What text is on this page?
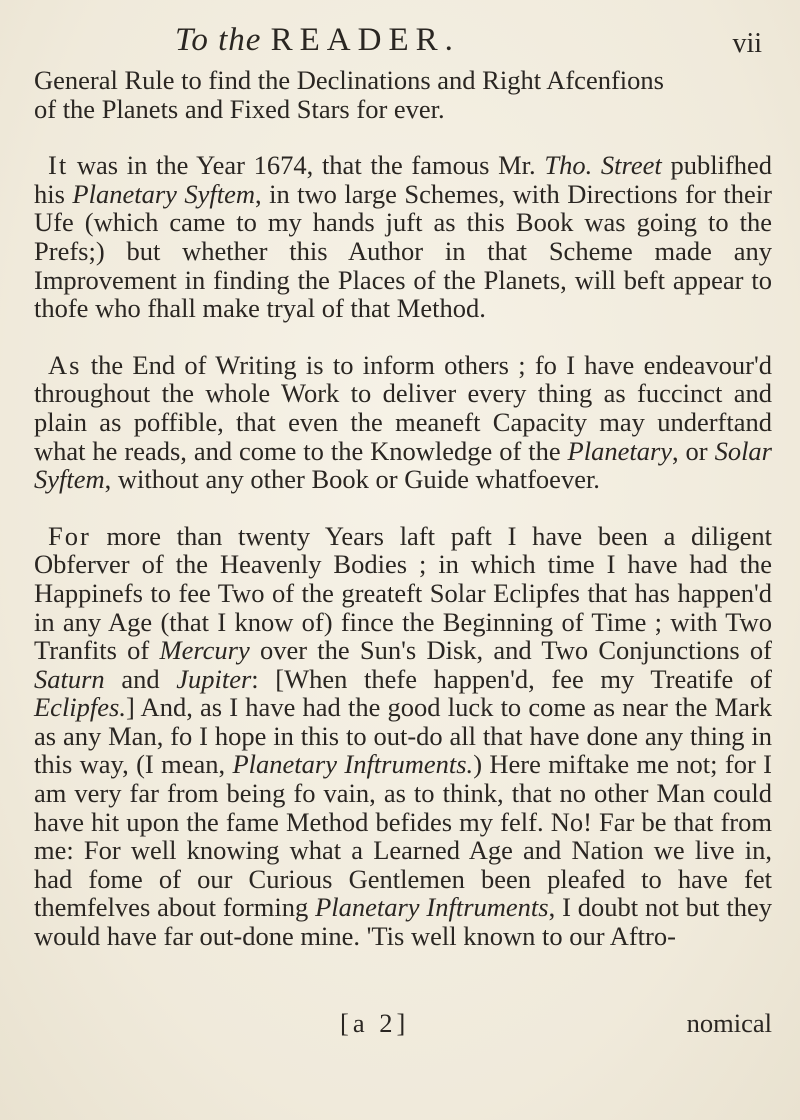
To the READER.	vii

General Rule to find the Declinations and Right Afcenfions
of the Planets and Fixed Stars for ever.

It was in the Year 1674, that the famous Mr. Tho. Street publifhed his Planetary Syftem, in two large Schemes, with Directions for their Ufe (which came to my hands juft as this Book was going to the Prefs;) but whether this Author in that Scheme made any Improvement in finding the Places of the Planets, will beft appear to thofe who fhall make tryal of that Method.

As the End of Writing is to inform others ; fo I have endeavour'd throughout the whole Work to deliver every thing as fuccinct and plain as poffible, that even the meaneft Capacity may underftand what he reads, and come to the Knowledge of the Planetary, or Solar Syftem, without any other Book or Guide whatfoever.

For more than twenty Years laft paft I have been a diligent Obferver of the Heavenly Bodies ; in which time I have had the Happinefs to fee Two of the greateft Solar Eclipfes that has happen'd in any Age (that I know of) fince the Beginning of Time ; with Two Tranfits of Mercury over the Sun's Disk, and Two Conjunctions of Saturn and Jupiter: [When thefe happen'd, fee my Treatife of Eclipfes.] And, as I have had the good luck to come as near the Mark as any Man, fo I hope in this to out-do all that have done any thing in this way, (I mean, Planetary Inftruments.) Here miftake me not; for I am very far from being fo vain, as to think, that no other Man could have hit upon the fame Method befides my felf. No! Far be that from me: For well knowing what a Learned Age and Nation we live in, had fome of our Curious Gentlemen been pleafed to have fet themfelves about forming Planetary Inftruments, I doubt not but they would have far out-done mine. 'Tis well known to our Aftro-

[a 2]	nomical
